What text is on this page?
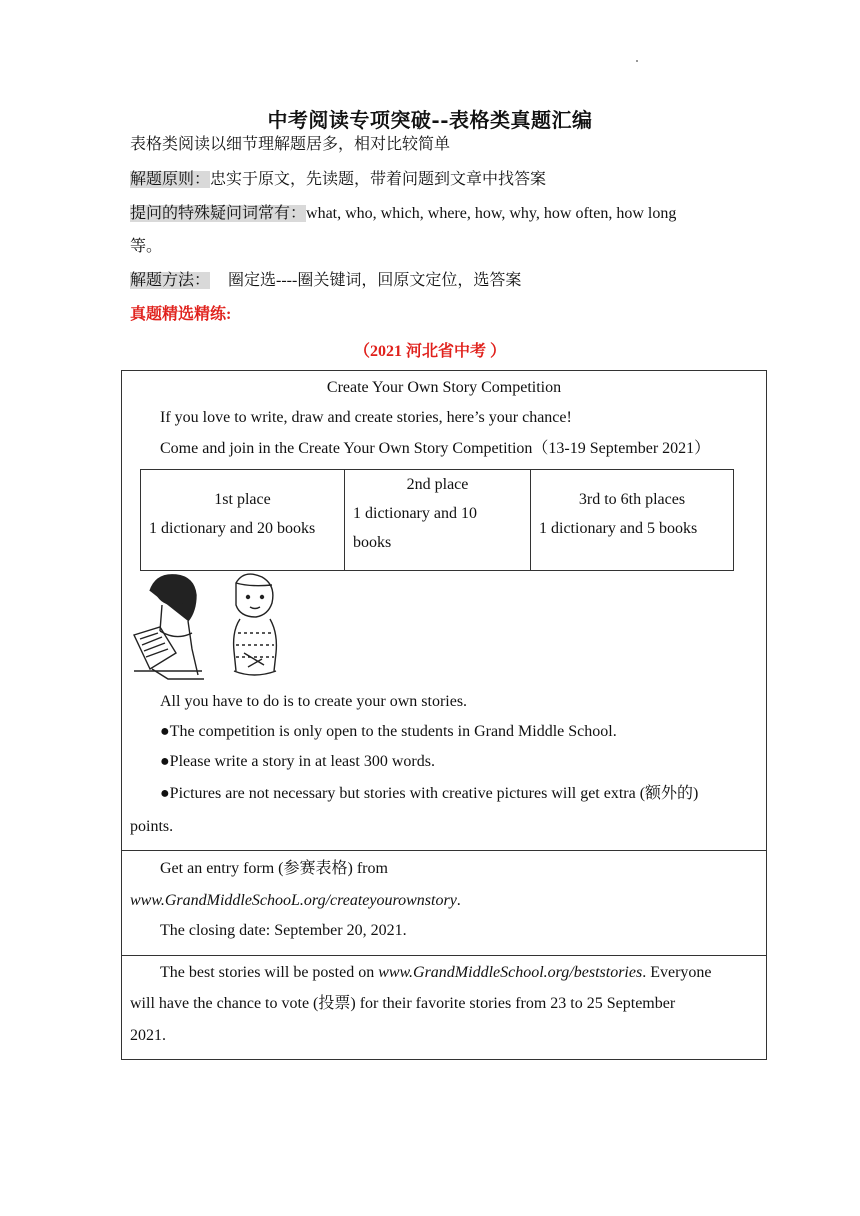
中考阅读专项突破--表格类真题汇编
表格类阅读以细节理解题居多，相对比较简单
解题原则：忠实于原文，先读题，带着问题到文章中找答案
提问的特殊疑问词常有：what, who, which, where, how, why, how often, how long
等。
解题方法： 圈定选----圈关键词，回原文定位，选答案
真题精选精练:
（2021 河北省中考 ）
Create Your Own Story Competition
If you love to write, draw and create stories, here’s your chance!
Come and join in the Create Your Own Story Competition（13-19 September 2021）
1st place
1 dictionary and 20 books
2nd place
1 dictionary and 10
books
3rd to 6th places
1 dictionary and 5 books
All you have to do is to create your own stories.
●The competition is only open to the students in Grand Middle School.
●Please write a story in at least 300 words.
●Pictures are not necessary but stories with creative pictures will get extra (额外的)
points.
Get an entry form (参赛表格) from
www.GrandMiddleSchooL.org/createyourownstory.
The closing date: September 20, 2021.
The best stories will be posted on www.GrandMiddleSchool.org/beststories. Everyone
will have the chance to vote (投票) for their favorite stories from 23 to 25 September
2021.
